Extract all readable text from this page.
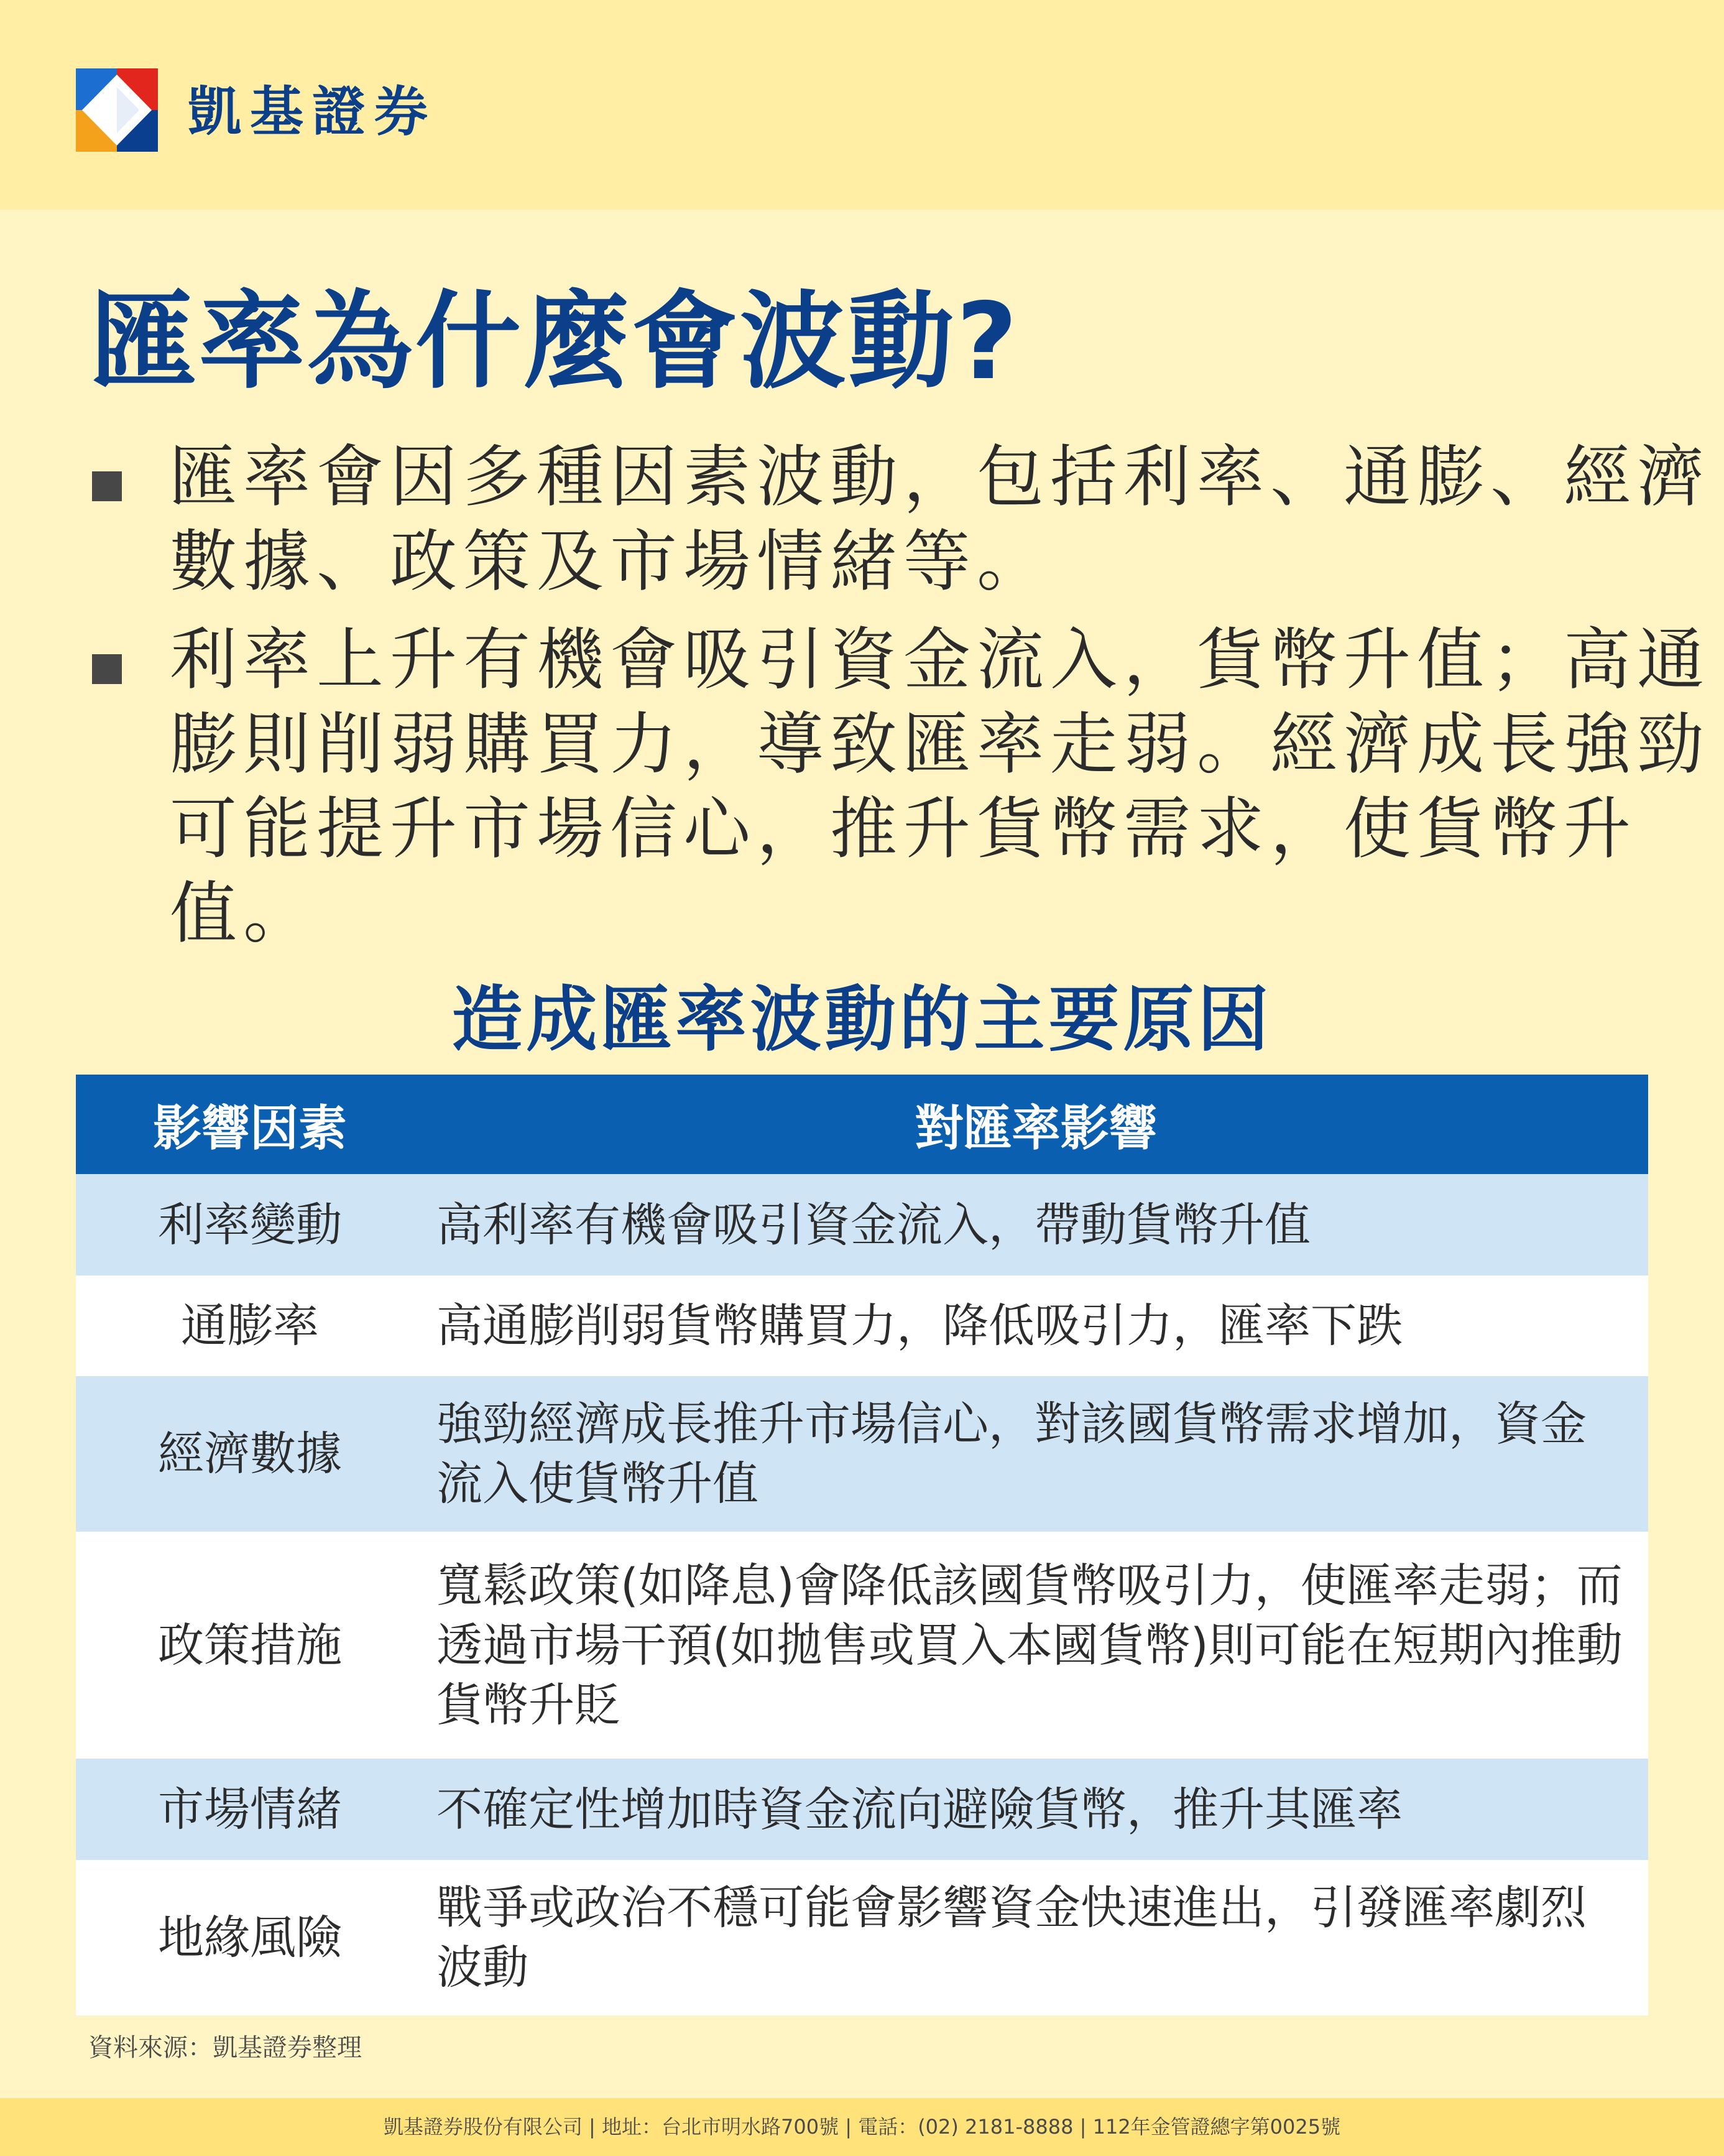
凱基證券
匯率為什麼會波動?
匯率會因多種因素波動，包括利率、通膨、經濟數據、政策及市場情緒等。
利率上升有機會吸引資金流入，貨幣升值；高通膨則削弱購買力，導致匯率走弱。經濟成長強勁可能提升市場信心，推升貨幣需求，使貨幣升值。
造成匯率波動的主要原因
影響因素	對匯率影響
利率變動	高利率有機會吸引資金流入，帶動貨幣升值
通膨率	高通膨削弱貨幣購買力，降低吸引力，匯率下跌
經濟數據	強勁經濟成長推升市場信心，對該國貨幣需求增加，資金流入使貨幣升值
政策措施	寬鬆政策(如降息)會降低該國貨幣吸引力，使匯率走弱；而透過市場干預(如拋售或買入本國貨幣)則可能在短期內推動貨幣升貶
市場情緒	不確定性增加時資金流向避險貨幣，推升其匯率
地緣風險	戰爭或政治不穩可能會影響資金快速進出，引發匯率劇烈波動
資料來源：凱基證券整理
凱基證券股份有限公司 | 地址：台北市明水路700號 | 電話：(02) 2181-8888 | 112年金管證總字第0025號
